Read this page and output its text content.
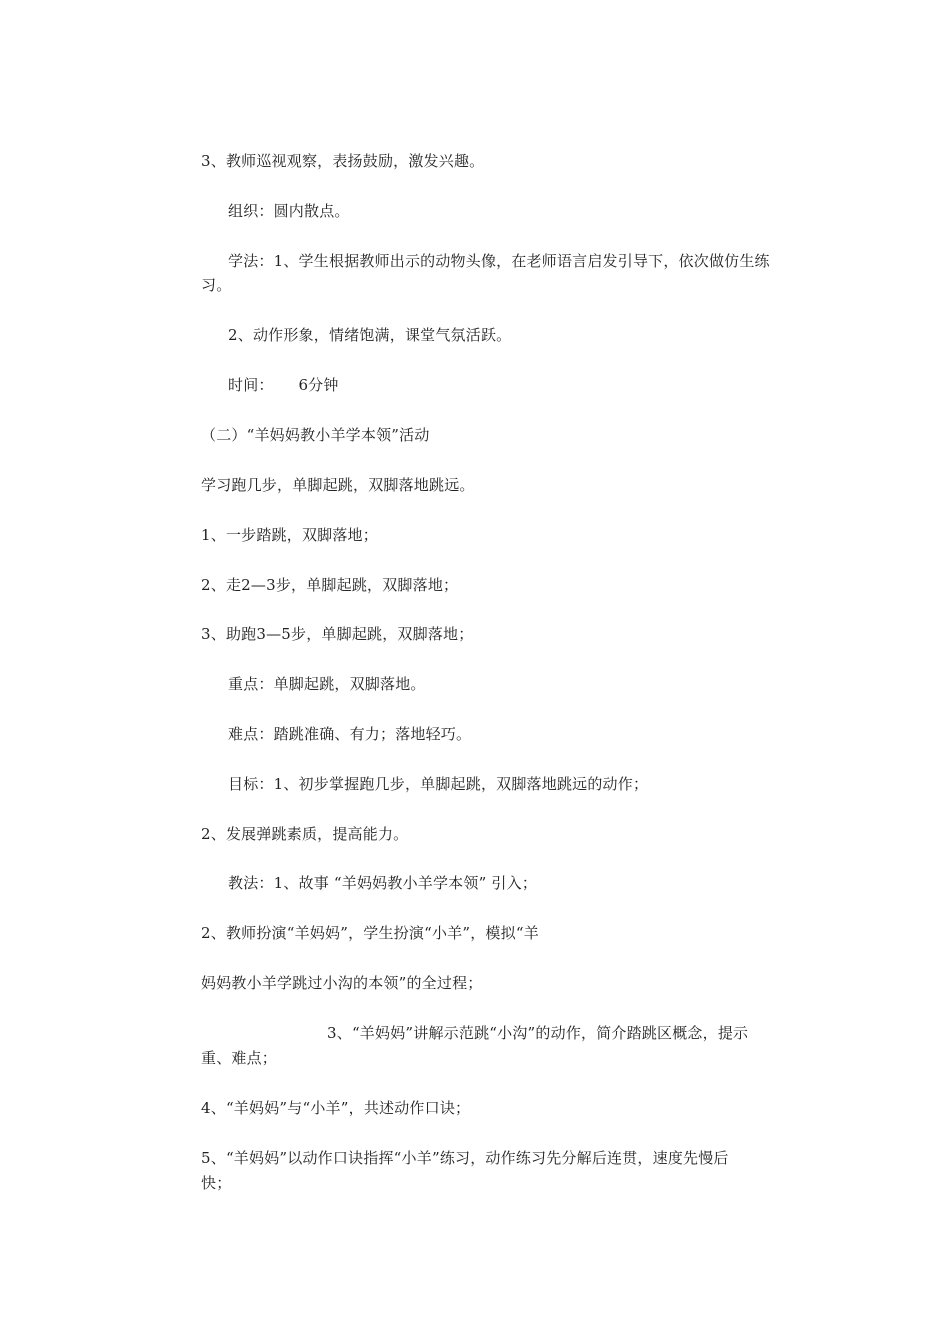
3、教师巡视观察，表扬鼓励，激发兴趣。
组织：圆内散点。
学法：1、学生根据教师出示的动物头像，在老师语言启发引导下，依次做仿生练
习。
2、动作形象，情绪饱满，课堂气氛活跃。
时间：     6分钟
（二）“羊妈妈教小羊学本领”活动
学习跑几步，单脚起跳，双脚落地跳远。
1、一步踏跳，双脚落地；
2、走2—3步，单脚起跳，双脚落地；
3、助跑3—5步，单脚起跳，双脚落地；
重点：单脚起跳，双脚落地。
难点：踏跳准确、有力；落地轻巧。
目标：1、初步掌握跑几步，单脚起跳，双脚落地跳远的动作；
2、发展弹跳素质，提高能力。
教法：1、故事 “羊妈妈教小羊学本领” 引入；
2、教师扮演“羊妈妈”，学生扮演“小羊”，模拟“羊
妈妈教小羊学跳过小沟的本领”的全过程；
3、“羊妈妈”讲解示范跳“小沟”的动作，简介踏跳区概念，提示
重、难点；
4、“羊妈妈”与“小羊”，共述动作口诀；
5、“羊妈妈”以动作口诀指挥“小羊”练习，动作练习先分解后连贯，速度先慢后
快；
